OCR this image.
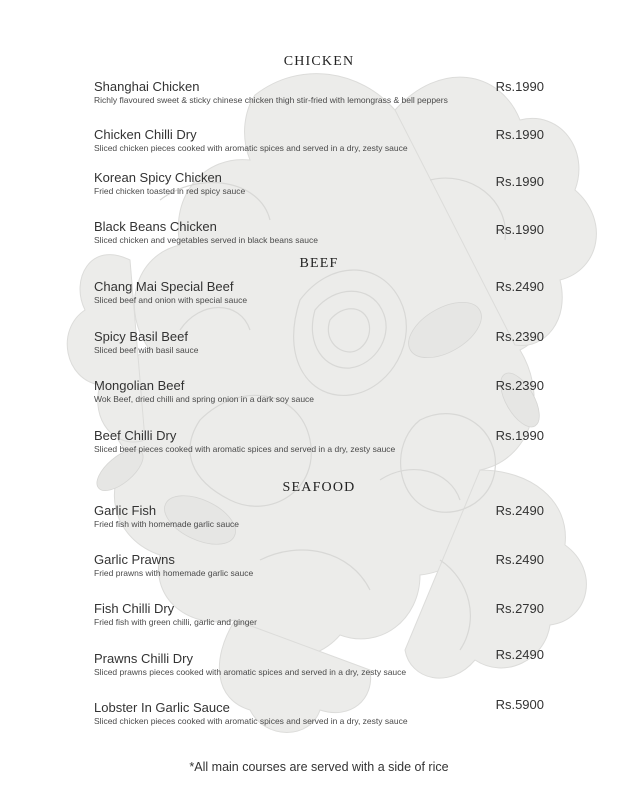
CHICKEN
Shanghai Chicken
Richly flavoured sweet & sticky chinese chicken thigh stir-fried with lemongrass & bell peppers
Rs.1990
Chicken Chilli Dry
Sliced chicken pieces cooked with aromatic spices and served in a dry, zesty sauce
Rs.1990
Korean Spicy Chicken
Fried chicken toasted in red spicy sauce
Rs.1990
Black Beans Chicken
Sliced chicken and vegetables served in black beans sauce
Rs.1990
BEEF
Chang Mai Special Beef
Sliced beef and onion with special sauce
Rs.2490
Spicy Basil Beef
Sliced beef with basil sauce
Rs.2390
Mongolian Beef
Wok Beef, dried chilli and spring onion in a dark soy sauce
Rs.2390
Beef Chilli Dry
Sliced beef pieces cooked with aromatic spices and served in a dry, zesty sauce
Rs.1990
SEAFOOD
Garlic Fish
Fried fish with homemade garlic sauce
Rs.2490
Garlic Prawns
Fried prawns with homemade garlic sauce
Rs.2490
Fish Chilli Dry
Fried fish with green chilli, garlic and ginger
Rs.2790
Prawns Chilli Dry
Sliced prawns pieces cooked with aromatic spices and served in a dry, zesty sauce
Rs.2490
Lobster In Garlic Sauce
Sliced chicken pieces cooked with aromatic spices and served in a dry, zesty sauce
Rs.5900
*All main courses are served with a side of rice
